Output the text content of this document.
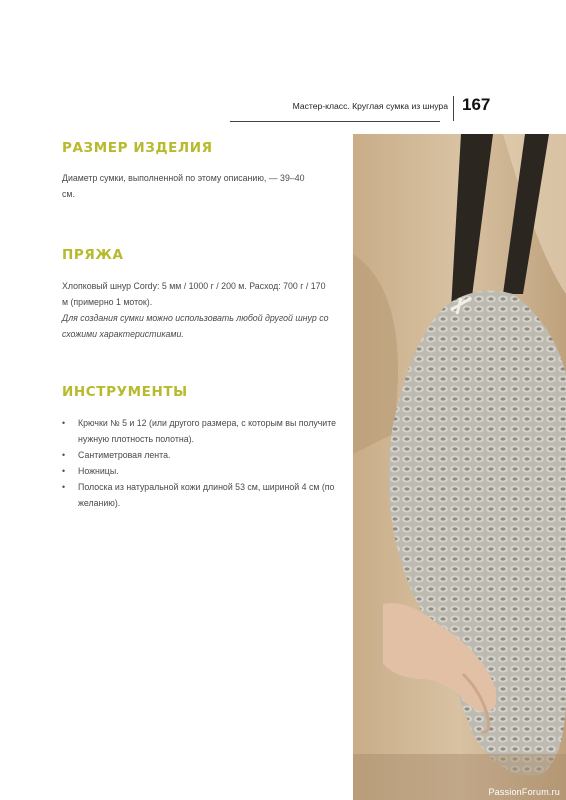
Мастер-класс. Круглая сумка из шнура 167
РАЗМЕР ИЗДЕЛИЯ
Диаметр сумки, выполненной по этому описанию, — 39–40 см.
ПРЯЖА
Хлопковый шнур Cordy: 5 мм / 1000 г / 200 м. Расход: 700 г / 170 м (примерно 1 моток).
Для создания сумки можно использовать любой другой шнур со схожими характеристиками.
ИНСТРУМЕНТЫ
•	Крючки № 5 и 12 (или другого размера, с которым вы получите нужную плотность полотна).
•	Сантиметровая лента.
•	Ножницы.
•	Полоска из натуральной кожи длиной 53 см, шириной 4 см (по желанию).
PassionForum.ru
